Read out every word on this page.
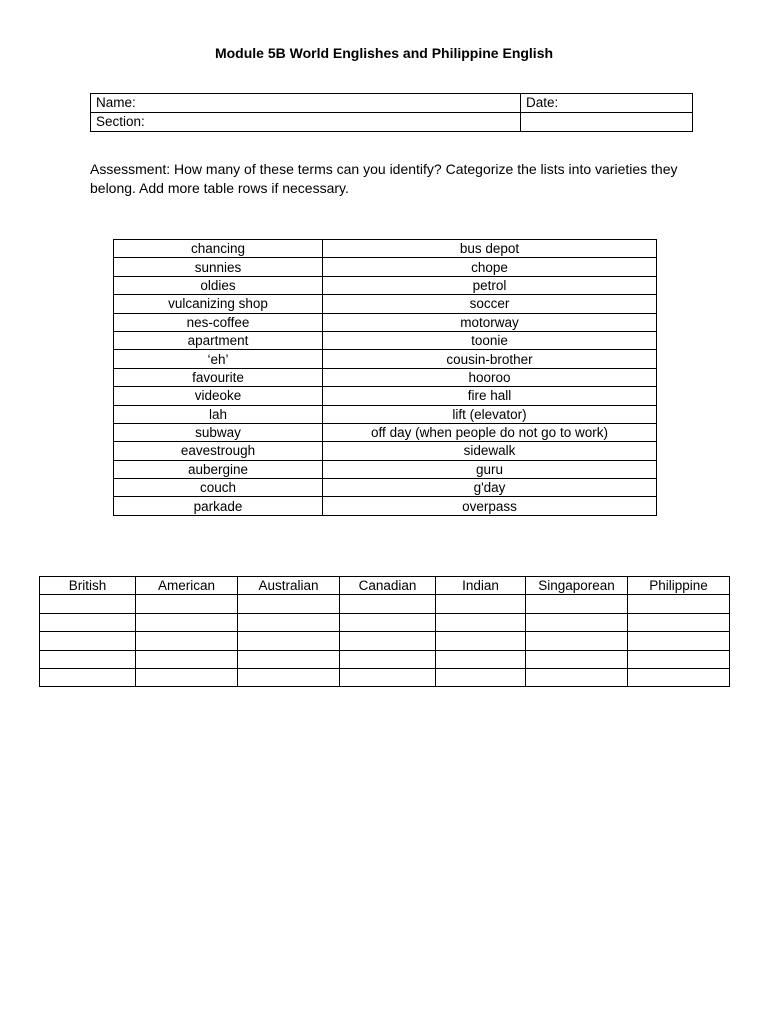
Module 5B World Englishes and Philippine English
Name:	Date:
Section:	
Assessment: How many of these terms can you identify? Categorize the lists into varieties they belong. Add more table rows if necessary.
chancing	bus depot
sunnies	chope
oldies	petrol
vulcanizing shop	soccer
nes-coffee	motorway
apartment	toonie
‘eh’	cousin-brother
favourite	hooroo
videoke	fire hall
lah	lift (elevator)
subway	off day (when people do not go to work)
eavestrough	sidewalk
aubergine	guru
couch	g'day
parkade	overpass
British	American	Australian	Canadian	Indian	Singaporean	Philippine
